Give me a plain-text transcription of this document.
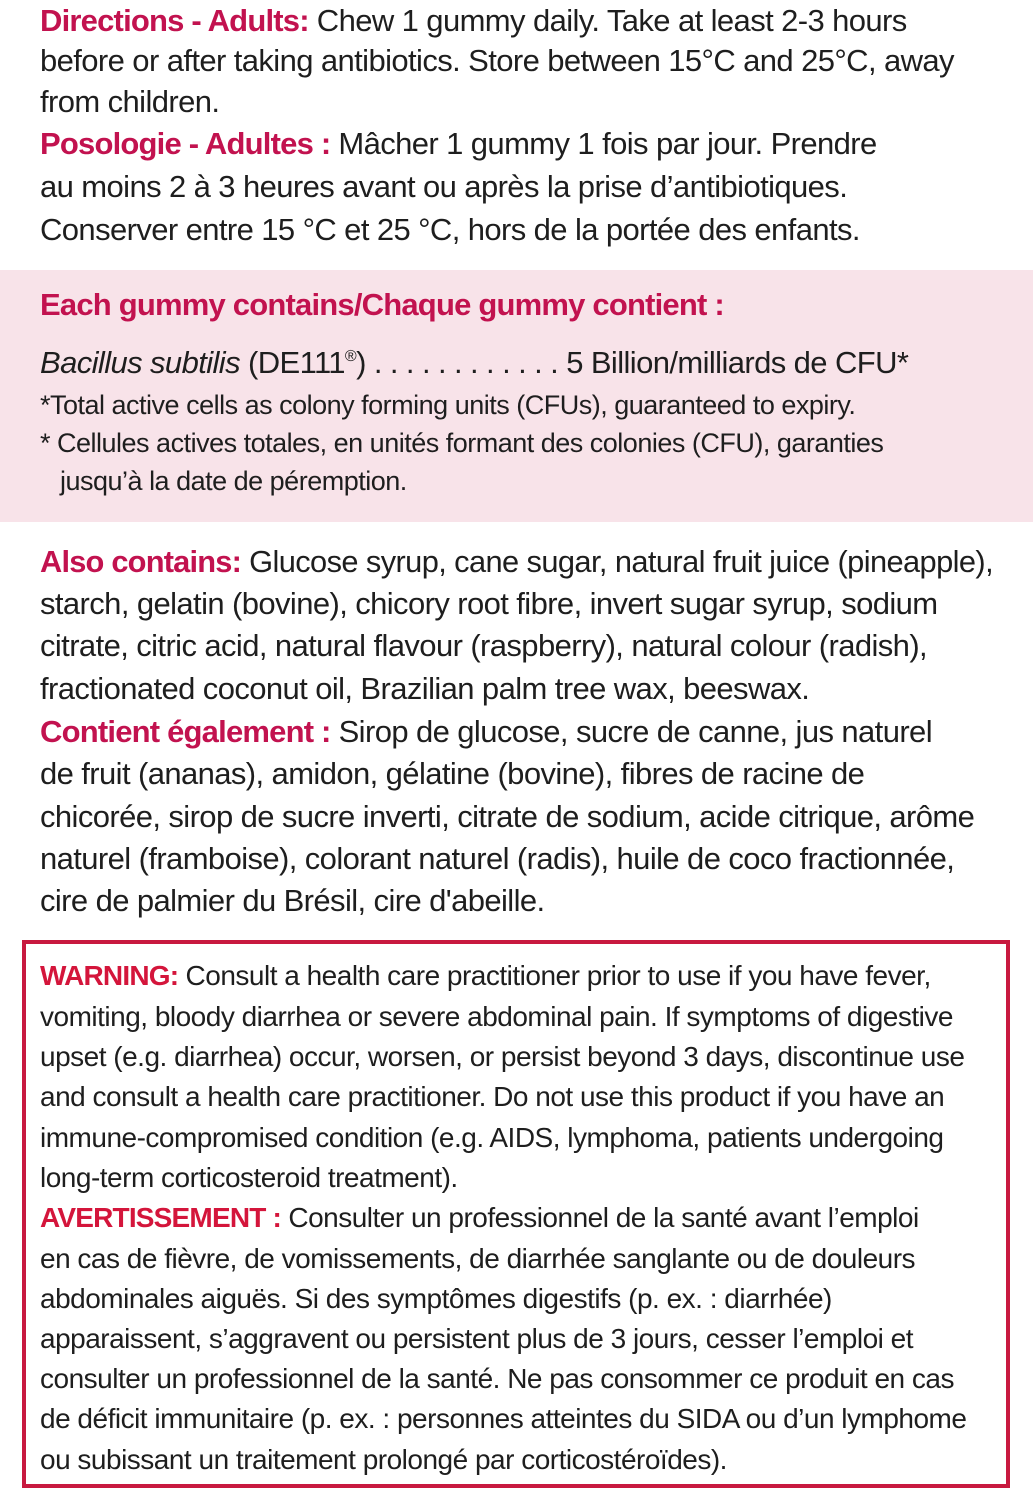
Directions - Adults: Chew 1 gummy daily. Take at least 2-3 hours
before or after taking antibiotics. Store between 15°C and 25°C, away
from children.
Posologie - Adultes : Mâcher 1 gummy 1 fois par jour. Prendre
au moins 2 à 3 heures avant ou après la prise d’antibiotiques.
Conserver entre 15 °C et 25 °C, hors de la portée des enfants.
Each gummy contains/Chaque gummy contient :
Bacillus subtilis (DE111®) . . . . . . . . . . . . 5 Billion/milliards de CFU*
*Total active cells as colony forming units (CFUs), guaranteed to expiry.
* Cellules actives totales, en unités formant des colonies (CFU), garanties
jusqu’à la date de péremption.
Also contains: Glucose syrup, cane sugar, natural fruit juice (pineapple),
starch, gelatin (bovine), chicory root fibre, invert sugar syrup, sodium
citrate, citric acid, natural flavour (raspberry), natural colour (radish),
fractionated coconut oil, Brazilian palm tree wax, beeswax.
Contient également : Sirop de glucose, sucre de canne, jus naturel
de fruit (ananas), amidon, gélatine (bovine), fibres de racine de
chicorée, sirop de sucre inverti, citrate de sodium, acide citrique, arôme
naturel (framboise), colorant naturel (radis), huile de coco fractionnée,
cire de palmier du Brésil, cire d'abeille.
WARNING: Consult a health care practitioner prior to use if you have fever,
vomiting, bloody diarrhea or severe abdominal pain. If symptoms of digestive
upset (e.g. diarrhea) occur, worsen, or persist beyond 3 days, discontinue use
and consult a health care practitioner. Do not use this product if you have an
immune-compromised condition (e.g. AIDS, lymphoma, patients undergoing
long-term corticosteroid treatment).
AVERTISSEMENT : Consulter un professionnel de la santé avant l’emploi
en cas de fièvre, de vomissements, de diarrhée sanglante ou de douleurs
abdominales aiguës. Si des symptômes digestifs (p. ex. : diarrhée)
apparaissent, s’aggravent ou persistent plus de 3 jours, cesser l’emploi et
consulter un professionnel de la santé. Ne pas consommer ce produit en cas
de déficit immunitaire (p. ex. : personnes atteintes du SIDA ou d’un lymphome
ou subissant un traitement prolongé par corticostéroïdes).
